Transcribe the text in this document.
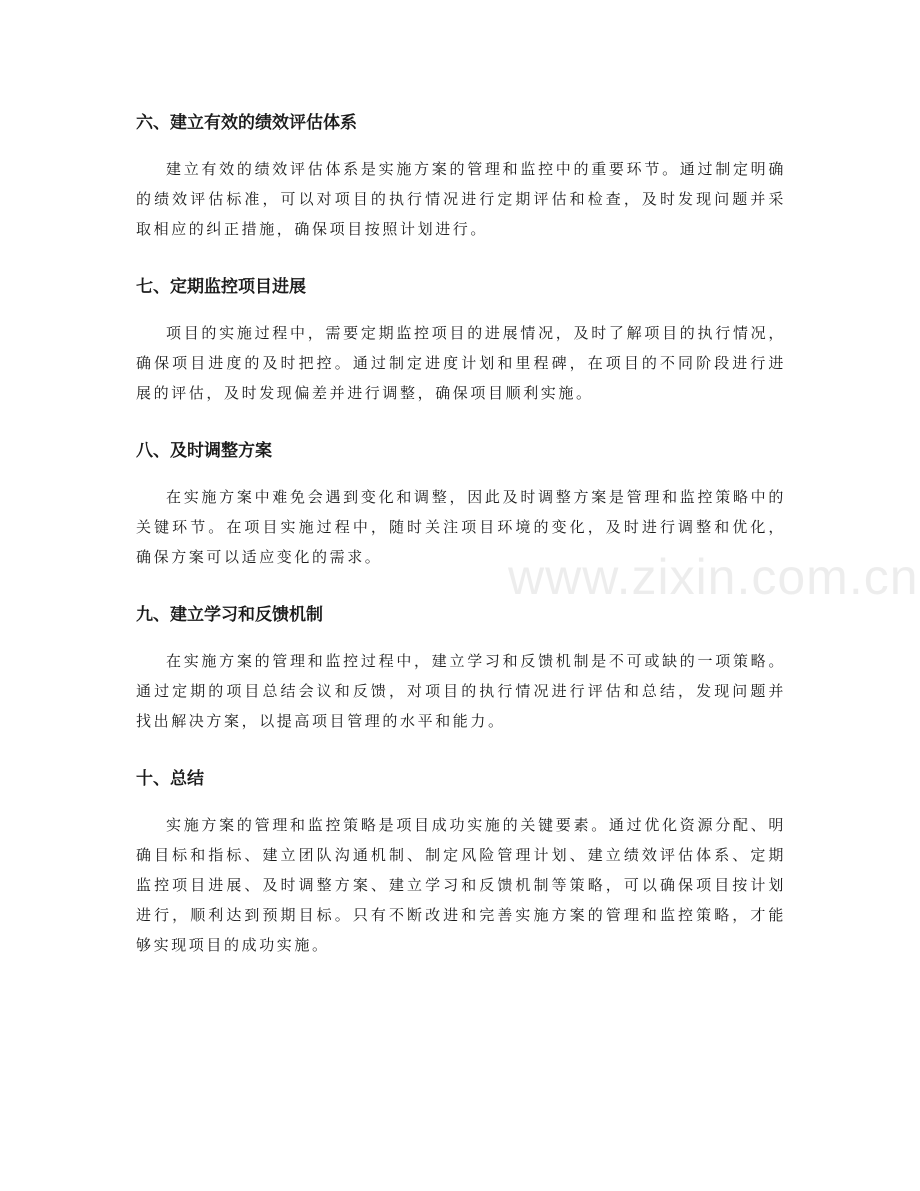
六、建立有效的绩效评估体系

建立有效的绩效评估体系是实施方案的管理和监控中的重要环节。通过制定明确的绩效评估标准，可以对项目的执行情况进行定期评估和检查，及时发现问题并采取相应的纠正措施，确保项目按照计划进行。

七、定期监控项目进展

项目的实施过程中，需要定期监控项目的进展情况，及时了解项目的执行情况，确保项目进度的及时把控。通过制定进度计划和里程碑，在项目的不同阶段进行进展的评估，及时发现偏差并进行调整，确保项目顺利实施。

八、及时调整方案

在实施方案中难免会遇到变化和调整，因此及时调整方案是管理和监控策略中的关键环节。在项目实施过程中，随时关注项目环境的变化，及时进行调整和优化，确保方案可以适应变化的需求。

九、建立学习和反馈机制

在实施方案的管理和监控过程中，建立学习和反馈机制是不可或缺的一项策略。通过定期的项目总结会议和反馈，对项目的执行情况进行评估和总结，发现问题并找出解决方案，以提高项目管理的水平和能力。

十、总结

实施方案的管理和监控策略是项目成功实施的关键要素。通过优化资源分配、明确目标和指标、建立团队沟通机制、制定风险管理计划、建立绩效评估体系、定期监控项目进展、及时调整方案、建立学习和反馈机制等策略，可以确保项目按计划进行，顺利达到预期目标。只有不断改进和完善实施方案的管理和监控策略，才能够实现项目的成功实施。

www.zixin.com.cn
